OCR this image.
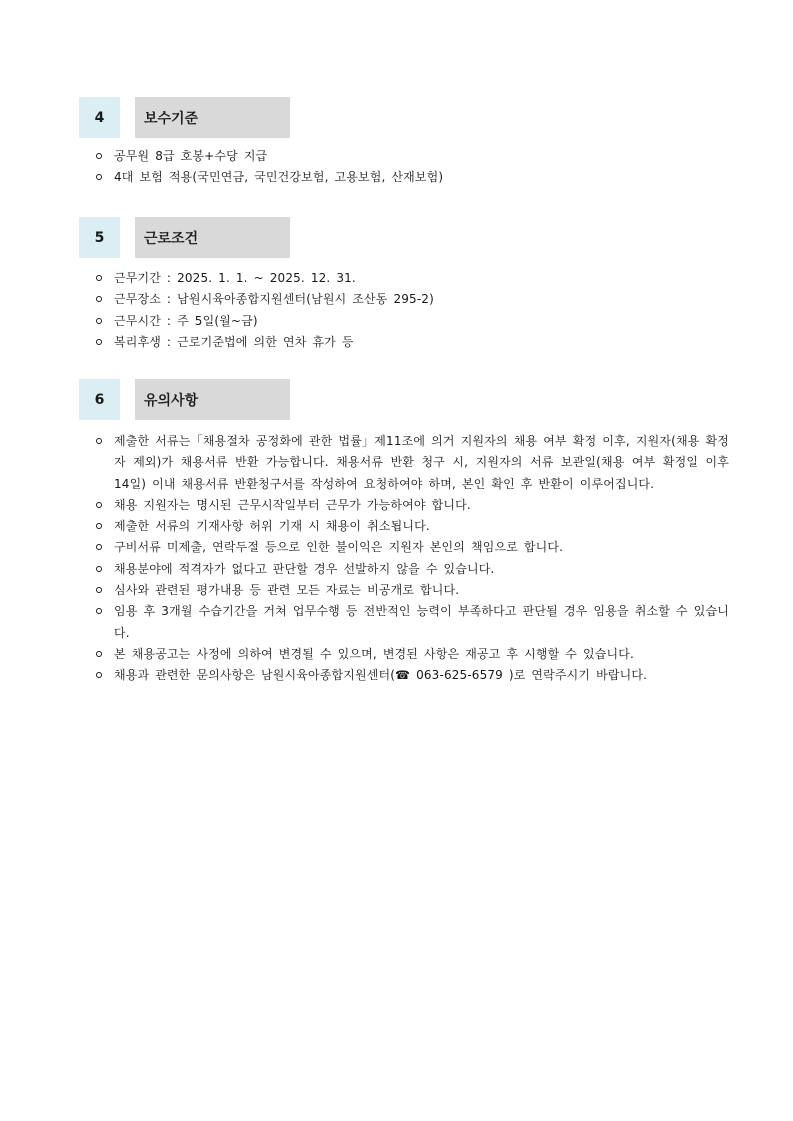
4	보수기준
공무원 8급 호봉+수당 지급
4대 보험 적용(국민연금, 국민건강보험, 고용보험, 산재보험)
5	근로조건
근무기간 : 2025. 1. 1. ~ 2025. 12. 31.
근무장소 : 남원시육아종합지원센터(남원시 조산동 295-2)
근무시간 : 주 5일(월~금)
복리후생 : 근로기준법에 의한 연차 휴가 등
6	유의사항
제출한 서류는「채용절차 공정화에 관한 법률」제11조에 의거 지원자의 채용 여부 확정 이후, 지원자(채용 확정자 제외)가 채용서류 반환 가능합니다. 채용서류 반환 청구 시, 지원자의 서류 보관일(채용 여부 확정일 이후 14일) 이내 채용서류 반환청구서를 작성하여 요청하여야 하며, 본인 확인 후 반환이 이루어집니다.
채용 지원자는 명시된 근무시작일부터 근무가 가능하여야 합니다.
제출한 서류의 기재사항 허위 기재 시 채용이 취소됩니다.
구비서류 미제출, 연락두절 등으로 인한 불이익은 지원자 본인의 책임으로 합니다.
채용분야에 적격자가 없다고 판단할 경우 선발하지 않을 수 있습니다.
심사와 관련된 평가내용 등 관련 모든 자료는 비공개로 합니다.
임용 후 3개월 수습기간을 거쳐 업무수행 등 전반적인 능력이 부족하다고 판단될 경우 임용을 취소할 수 있습니다.
본 채용공고는 사정에 의하여 변경될 수 있으며, 변경된 사항은 재공고 후 시행할 수 있습니다.
채용과 관련한 문의사항은 남원시육아종합지원센터(☎ 063-625-6579 )로 연락주시기 바랍니다.
